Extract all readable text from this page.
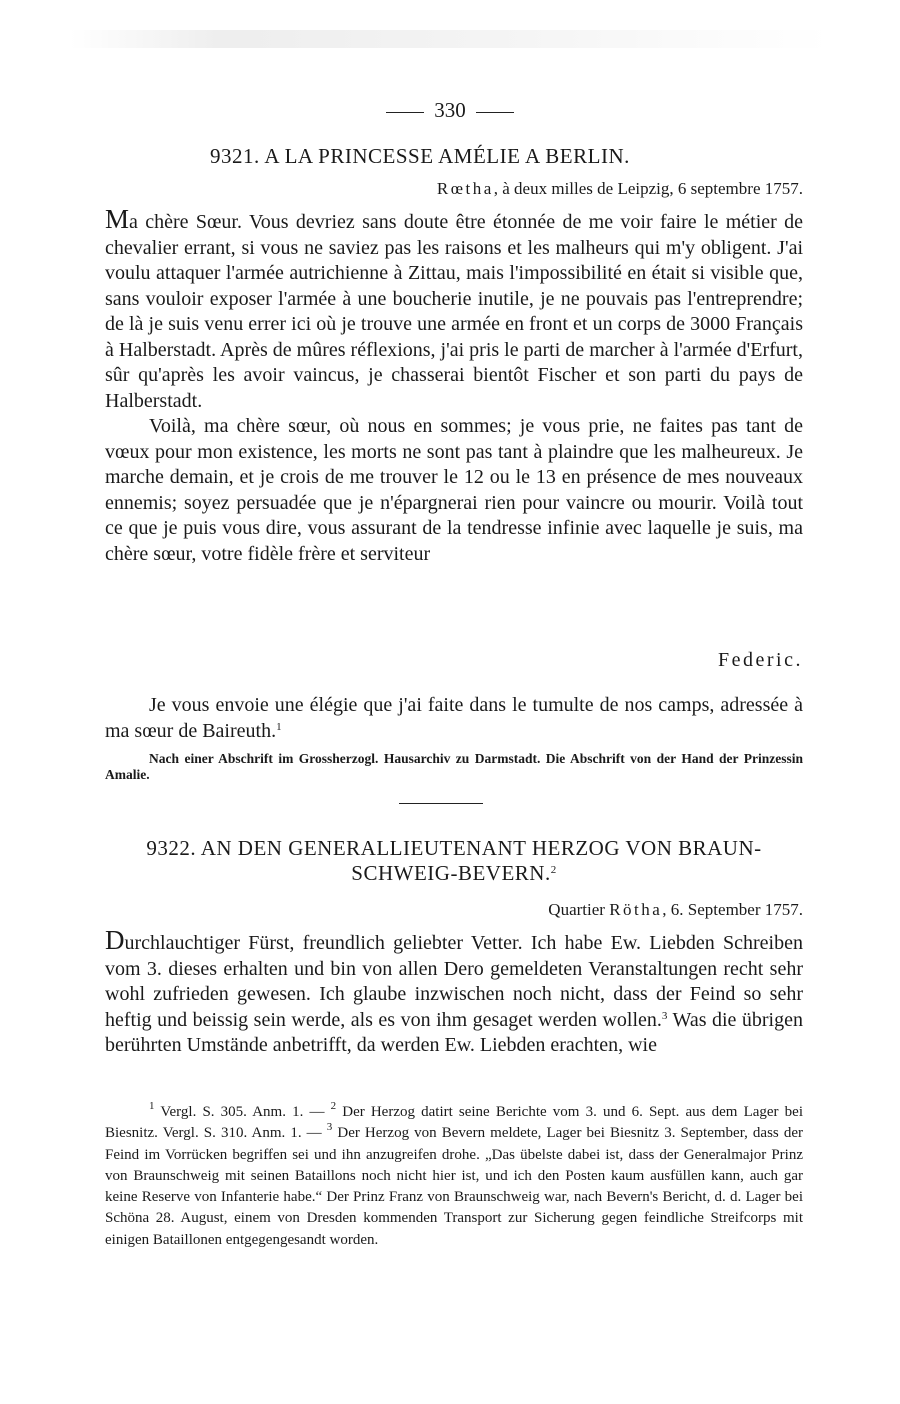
330
9321. A LA PRINCESSE AMÉLIE A BERLIN.
Rœtha, à deux milles de Leipzig, 6 septembre 1757.

Ma chère Sœur. Vous devriez sans doute être étonnée de me voir faire le métier de chevalier errant, si vous ne saviez pas les raisons et les malheurs qui m'y obligent. J'ai voulu attaquer l'armée autrichienne à Zittau, mais l'impossibilité en était si visible que, sans vouloir exposer l'armée à une boucherie inutile, je ne pouvais pas l'entreprendre; de là je suis venu errer ici où je trouve une armée en front et un corps de 3000 Français à Halberstadt. Après de mûres réflexions, j'ai pris le parti de marcher à l'armée d'Erfurt, sûr qu'après les avoir vaincus, je chasserai bientôt Fischer et son parti du pays de Halberstadt.

Voilà, ma chère sœur, où nous en sommes; je vous prie, ne faites pas tant de vœux pour mon existence, les morts ne sont pas tant à plaindre que les malheureux. Je marche demain, et je crois de me trouver le 12 ou le 13 en présence de mes nouveaux ennemis; soyez persuadée que je n'épargnerai rien pour vaincre ou mourir. Voilà tout ce que je puis vous dire, vous assurant de la tendresse infinie avec laquelle je suis, ma chère sœur, votre fidèle frère et serviteur

Federic.
Je vous envoie une élégie que j'ai faite dans le tumulte de nos camps, adressée à ma sœur de Baireuth.$^1$
Nach einer Abschrift im Grossherzogl. Hausarchiv zu Darmstadt. Die Abschrift von der Hand der Prinzessin Amalie.
9322. AN DEN GENERALLIEUTENANT HERZOG VON BRAUN-
SCHWEIG-BEVERN.$^2$
Quartier Rötha, 6. September 1757.

Durchlauchtiger Fürst, freundlich geliebter Vetter. Ich habe Ew. Liebden Schreiben vom 3. dieses erhalten und bin von allen Dero gemeldeten Veranstaltungen recht sehr wohl zufrieden gewesen. Ich glaube inzwischen noch nicht, dass der Feind so sehr heftig und beissig sein werde, als es von ihm gesaget werden wollen.$^3$ Was die übrigen berührten Umstände anbetrifft, da werden Ew. Liebden erachten, wie

$^1$ Vergl. S. 305. Anm. 1. — $^2$ Der Herzog datirt seine Berichte vom 3. und 6. Sept. aus dem Lager bei Biesnitz. Vergl. S. 310. Anm. 1. — $^3$ Der Herzog von Bevern meldete, Lager bei Biesnitz 3. September, dass der Feind im Vorrücken begriffen sei und ihn anzugreifen drohe. „Das übelste dabei ist, dass der Generalmajor Prinz von Braunschweig mit seinen Bataillons noch nicht hier ist, und ich den Posten kaum ausfüllen kann, auch gar keine Reserve von Infanterie habe.“ Der Prinz Franz von Braunschweig war, nach Bevern's Bericht, d. d. Lager bei Schöna 28. August, einem von Dresden kommenden Transport zur Sicherung gegen feindliche Streifcorps mit einigen Bataillonen entgegengesandt worden.
